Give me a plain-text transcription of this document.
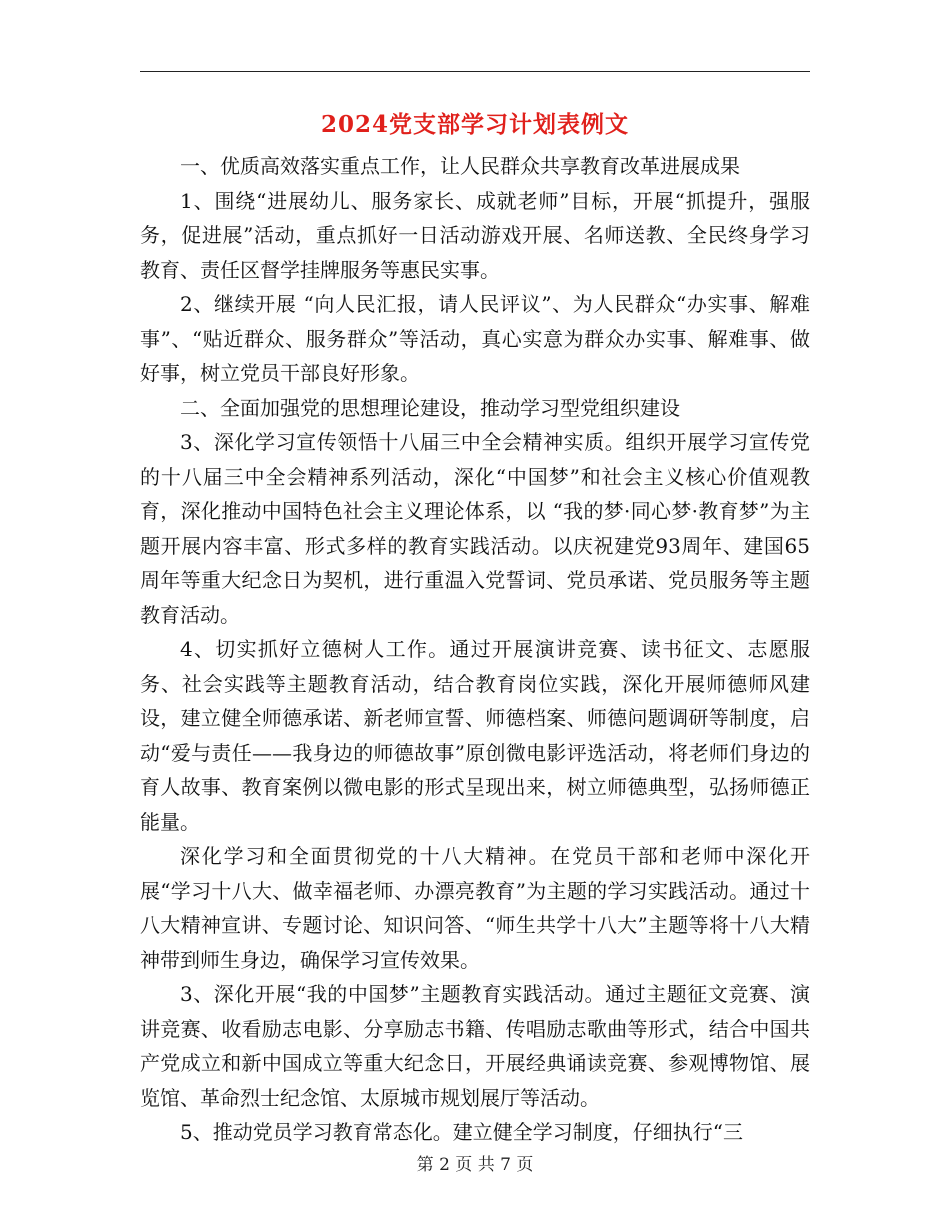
2024党支部学习计划表例文

一、优质高效落实重点工作，让人民群众共享教育改革进展成果

1、围绕“进展幼儿、服务家长、成就老师”目标，开展“抓提升，强服务，促进展”活动，重点抓好一日活动游戏开展、名师送教、全民终身学习教育、责任区督学挂牌服务等惠民实事。

2、继续开展 “向人民汇报，请人民评议”、为人民群众“办实事、解难事”、“贴近群众、服务群众”等活动，真心实意为群众办实事、解难事、做好事，树立党员干部良好形象。

二、全面加强党的思想理论建设，推动学习型党组织建设

3、深化学习宣传领悟十八届三中全会精神实质。组织开展学习宣传党的十八届三中全会精神系列活动，深化“中国梦”和社会主义核心价值观教育，深化推动中国特色社会主义理论体系，以 “我的梦·同心梦·教育梦”为主题开展内容丰富、形式多样的教育实践活动。以庆祝建党93周年、建国65周年等重大纪念日为契机，进行重温入党誓词、党员承诺、党员服务等主题教育活动。

4、切实抓好立德树人工作。通过开展演讲竞赛、读书征文、志愿服务、社会实践等主题教育活动，结合教育岗位实践，深化开展师德师风建设，建立健全师德承诺、新老师宣誓、师德档案、师德问题调研等制度，启动“爱与责任——我身边的师德故事”原创微电影评选活动，将老师们身边的育人故事、教育案例以微电影的形式呈现出来，树立师德典型，弘扬师德正能量。

深化学习和全面贯彻党的十八大精神。在党员干部和老师中深化开展“学习十八大、做幸福老师、办漂亮教育”为主题的学习实践活动。通过十八大精神宣讲、专题讨论、知识问答、“师生共学十八大”主题等将十八大精神带到师生身边，确保学习宣传效果。

3、深化开展“我的中国梦”主题教育实践活动。通过主题征文竞赛、演讲竞赛、收看励志电影、分享励志书籍、传唱励志歌曲等形式，结合中国共产党成立和新中国成立等重大纪念日，开展经典诵读竞赛、参观博物馆、展览馆、革命烈士纪念馆、太原城市规划展厅等活动。

5、推动党员学习教育常态化。建立健全学习制度，仔细执行“三

第 2 页 共 7 页
